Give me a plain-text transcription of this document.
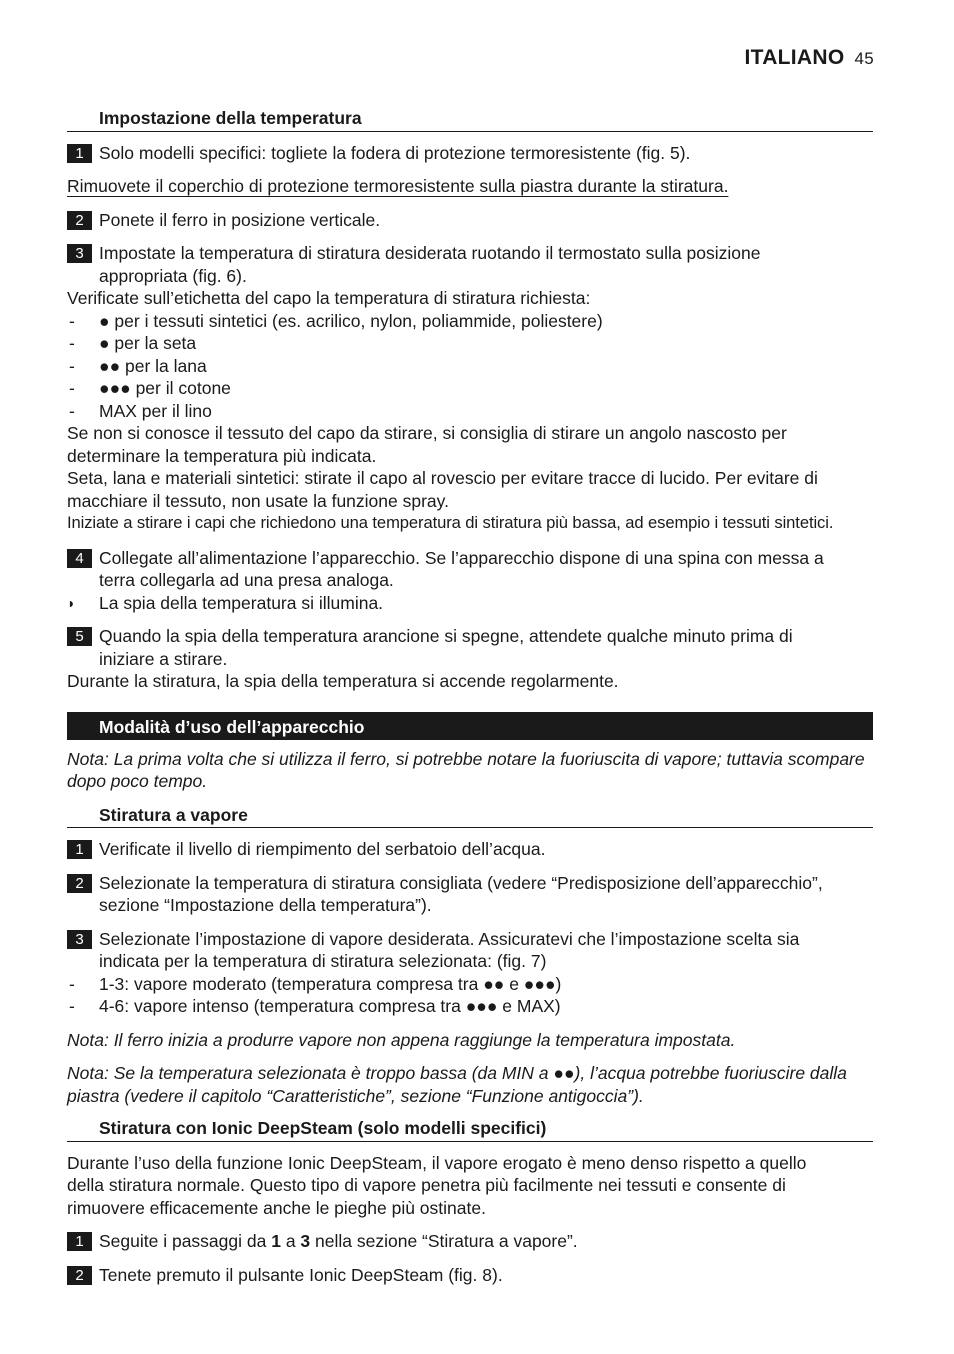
ITALIANO 45
Impostazione della temperatura
1 Solo modelli specifici: togliete la fodera di protezione termoresistente (fig. 5).
Rimuovete il coperchio di protezione termoresistente sulla piastra durante la stiratura.
2 Ponete il ferro in posizione verticale.
3 Impostate la temperatura di stiratura desiderata ruotando il termostato sulla posizione
appropriata (fig. 6).
Verificate sull’etichetta del capo la temperatura di stiratura richiesta:
- ● per i tessuti sintetici (es. acrilico, nylon, poliammide, poliestere)
- ● per la seta
- ●● per la lana
- ●●● per il cotone
- MAX per il lino
Se non si conosce il tessuto del capo da stirare, si consiglia di stirare un angolo nascosto per
determinare la temperatura più indicata.
Seta, lana e materiali sintetici: stirate il capo al rovescio per evitare tracce di lucido. Per evitare di
macchiare il tessuto, non usate la funzione spray.
Iniziate a stirare i capi che richiedono una temperatura di stiratura più bassa, ad esempio i tessuti sintetici.
4 Collegate all’alimentazione l’apparecchio. Se l’apparecchio dispone di una spina con messa a
terra collegarla ad una presa analoga.
◗ La spia della temperatura si illumina.
5 Quando la spia della temperatura arancione si spegne, attendete qualche minuto prima di
iniziare a stirare.
Durante la stiratura, la spia della temperatura si accende regolarmente.
Modalità d’uso dell’apparecchio
Nota: La prima volta che si utilizza il ferro, si potrebbe notare la fuoriuscita di vapore; tuttavia scompare
dopo poco tempo.
Stiratura a vapore
1 Verificate il livello di riempimento del serbatoio dell’acqua.
2 Selezionate la temperatura di stiratura consigliata (vedere “Predisposizione dell’apparecchio”,
sezione “Impostazione della temperatura”).
3 Selezionate l’impostazione di vapore desiderata. Assicuratevi che l’impostazione scelta sia
indicata per la temperatura di stiratura selezionata: (fig. 7)
- 1-3: vapore moderato (temperatura compresa tra ●● e ●●●)
- 4-6: vapore intenso (temperatura compresa tra ●●● e MAX)
Nota: Il ferro inizia a produrre vapore non appena raggiunge la temperatura impostata.
Nota: Se la temperatura selezionata è troppo bassa (da MIN a ●●), l’acqua potrebbe fuoriuscire dalla
piastra (vedere il capitolo “Caratteristiche”, sezione “Funzione antigoccia”).
Stiratura con Ionic DeepSteam (solo modelli specifici)
Durante l’uso della funzione Ionic DeepSteam, il vapore erogato è meno denso rispetto a quello
della stiratura normale. Questo tipo di vapore penetra più facilmente nei tessuti e consente di
rimuovere efficacemente anche le pieghe più ostinate.
1 Seguite i passaggi da 1 a 3 nella sezione “Stiratura a vapore”.
2 Tenete premuto il pulsante Ionic DeepSteam (fig. 8).
